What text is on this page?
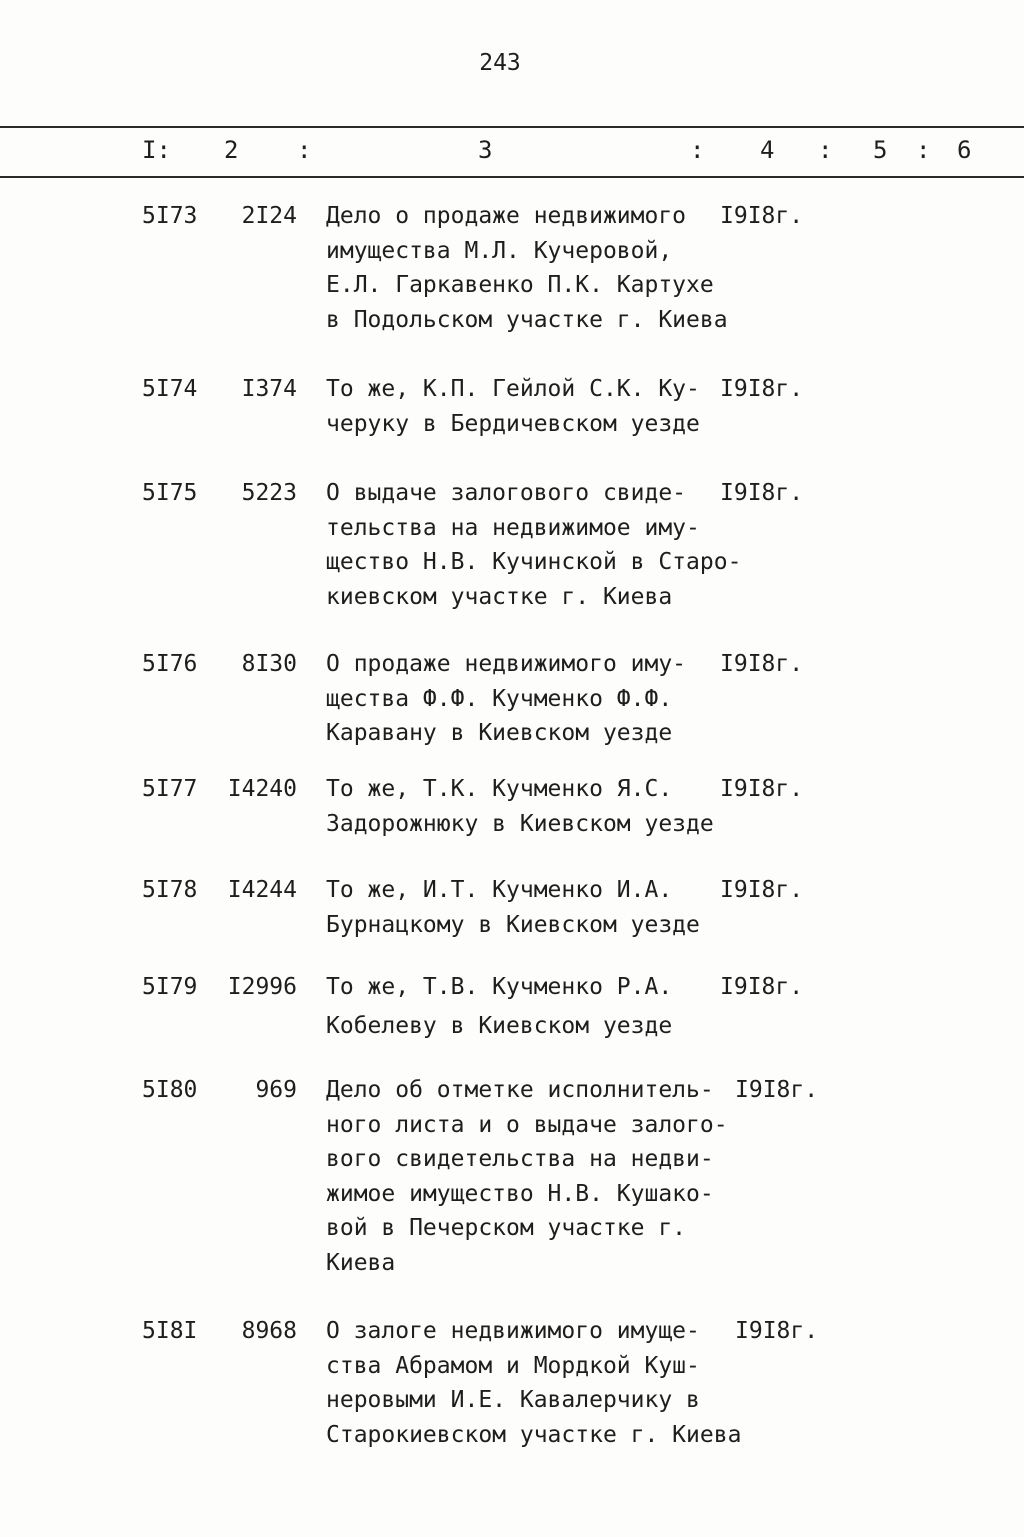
243
I: 2 :	3	: 4 : 5 : 6
5I73 2I24 Дело о продаже недвижимого
имущества М.Л. Кучеровой,
Е.Л. Гаркавенко П.К. Картухе
в Подольском участке г. Киева
I9I8г.
5I74 I374 То же, К.П. Гейлой С.К. Ку-
черуку в Бердичевском уезде
I9I8г.
5I75 5223 О выдаче залогового свиде-
тельства на недвижимое иму-
щество Н.В. Кучинской в Старо-
киевском участке г. Киева
I9I8г.
5I76 8I30 О продаже недвижимого иму-
щества Ф.Ф. Кучменко Ф.Ф.
Каравану в Киевском уезде
I9I8г.
5I77 I4240 То же, Т.К. Кучменко Я.С.
Задорожнюку в Киевском уезде
I9I8г.
5I78 I4244 То же, И.Т. Кучменко И.А.
Бурнацкому в Киевском уезде
I9I8г.
5I79 I2996 То же, Т.В. Кучменко Р.А.
Кобелеву в Киевском уезде
I9I8г.
5I80	969 Дело об отметке исполнитель-
ного листа и о выдаче залого-
вого свидетельства на недви-
жимое имущество Н.В. Кушако-
вой в Печерском участке г.
Киева
I9I8г.
5I8I 8968 О залоге недвижимого имуще-
ства Абрамом и Мордкой Куш-
неровыми И.Е. Кавалерчику в
Старокиевском участке г. Киева
I9I8г.
